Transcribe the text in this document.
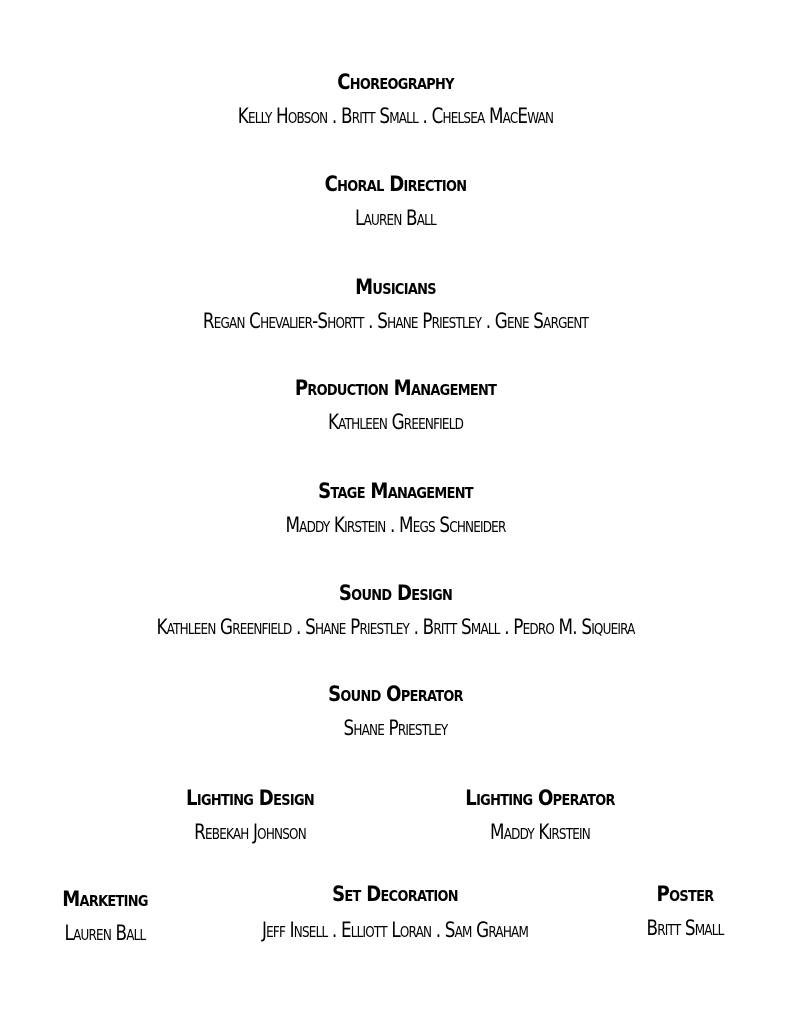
Choreography
Kelly Hobson . Britt Small . Chelsea MacEwan
Choral Direction
Lauren Ball
Musicians
Regan Chevalier-Shortt . Shane Priestley . Gene Sargent
Production Management
Kathleen Greenfield
Stage Management
Maddy Kirstein . Megs Schneider
Sound Design
Kathleen Greenfield . Shane Priestley . Britt Small . Pedro M. Siqueira
Sound Operator
Shane Priestley
Lighting Design
Rebekah Johnson
Lighting Operator
Maddy Kirstein
Marketing
Lauren Ball
Set Decoration
Jeff Insell . Elliott Loran . Sam Graham
Poster
Britt Small
